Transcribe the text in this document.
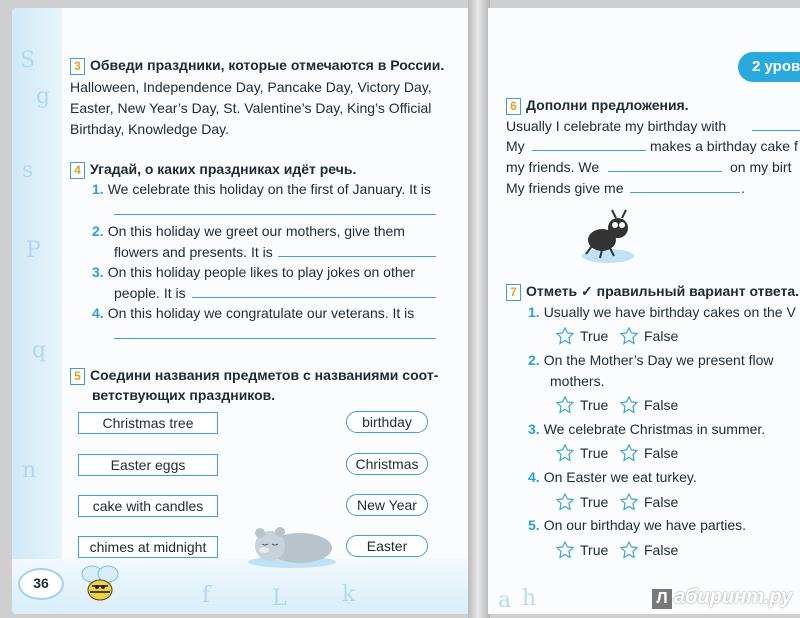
S
g
s
P
q
n
f	L	k	a h
2 уров
3 Обведи праздники, которые отмечаются в России.
Halloween, Independence Day, Pancake Day, Victory Day,
Easter, New Year’s Day, St. Valentine’s Day, King’s Official
Birthday, Knowledge Day.
4 Угадай, о каких праздниках идёт речь.
1. We celebrate this holiday on the first of January. It is
2. On this holiday we greet our mothers, give them
flowers and presents. It is
3. On this holiday people likes to play jokes on other
people. It is
4. On this holiday we congratulate our veterans. It is
5 Соедини названия предметов с названиями соот-
ветствующих праздников.
Christmas tree
Easter eggs
cake with candles
chimes at midnight
birthday
Christmas
New Year
Easter
36
6 Дополни предложения.
Usually I celebrate my birthday with
My	makes a birthday cake f
my friends. We	on my birt
My friends give me	.
7 Отметь ✓ правильный вариант ответа.
1. Usually we have birthday cakes on the V
2. On the Mother’s Day we present flow
mothers.
3. We celebrate Christmas in summer.
4. On Easter we eat turkey.
5. On our birthday we have parties.
True	False
True	False
True	False
True	False
True	False
Л абиринт.ру
